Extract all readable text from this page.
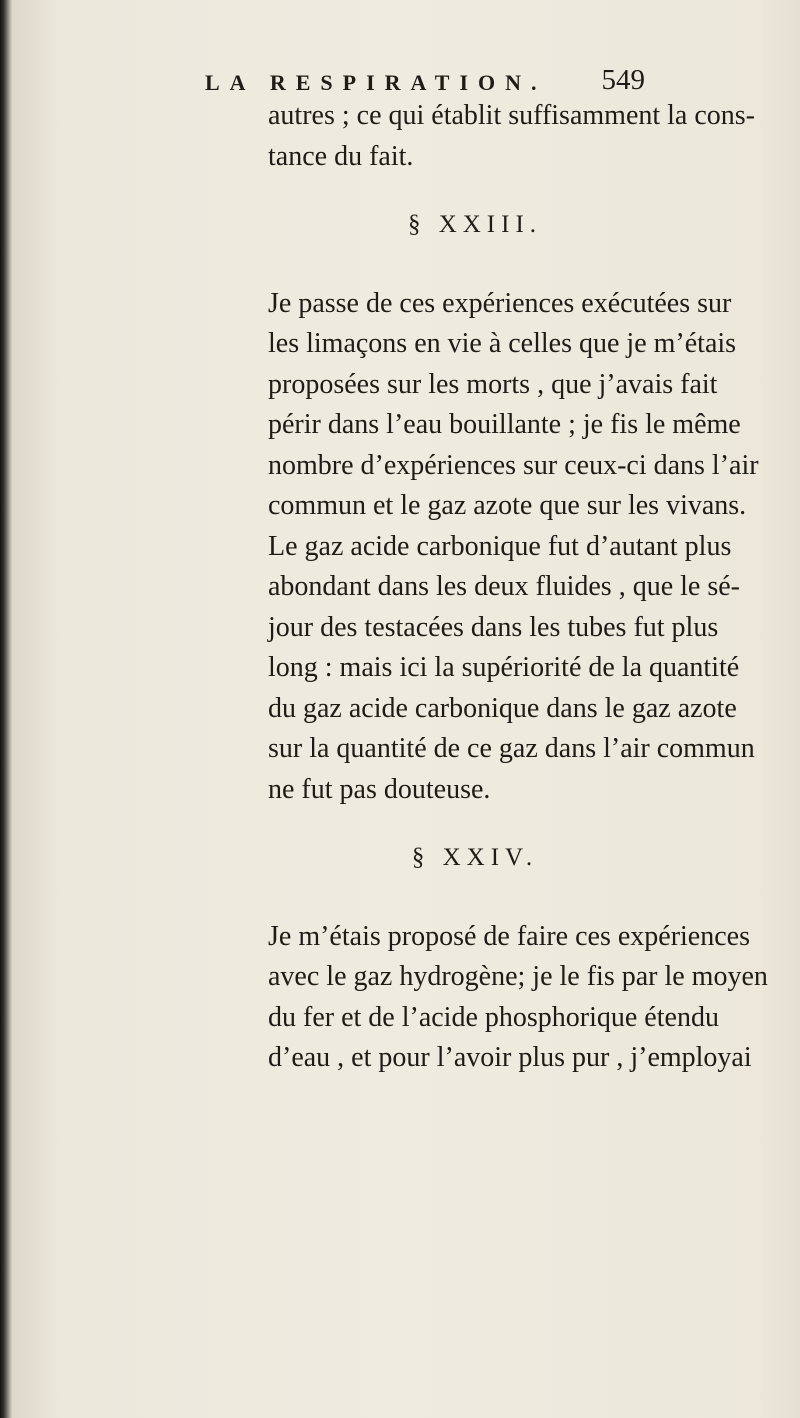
LA RESPIRATION. 549
autres ; ce qui établit suffisamment la cons-
tance du fait.
§ XXIII.
Je passe de ces expériences exécutées sur
les limaçons en vie à celles que je m’étais
proposées sur les morts , que j’avais fait
périr dans l’eau bouillante ; je fis le même
nombre d’expériences sur ceux-ci dans l’air
commun et le gaz azote que sur les vivans.
Le gaz acide carbonique fut d’autant plus
abondant dans les deux fluides , que le sé-
jour des testacées dans les tubes fut plus
long : mais ici la supériorité de la quantité
du gaz acide carbonique dans le gaz azote
sur la quantité de ce gaz dans l’air commun
ne fut pas douteuse.
§ XXIV.
Je m’étais proposé de faire ces expériences
avec le gaz hydrogène; je le fis par le moyen
du fer et de l’acide phosphorique étendu
d’eau , et pour l’avoir plus pur , j’employai
